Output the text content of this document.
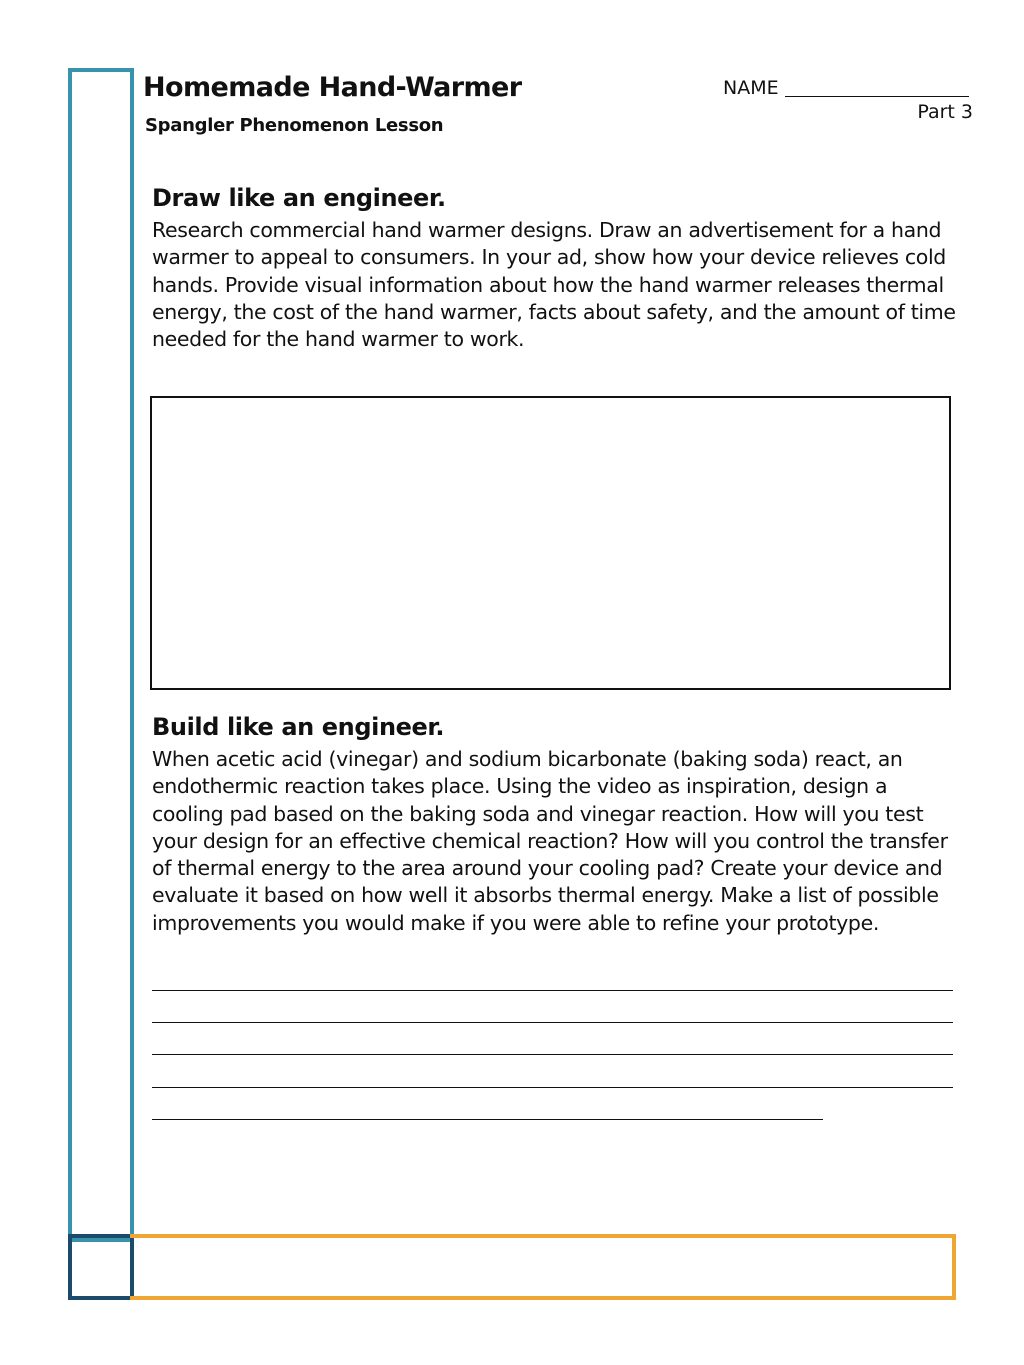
Homemade Hand-Warmer
Spangler Phenomenon Lesson
NAME
Part 3
Draw like an engineer.

Research commercial hand warmer designs. Draw an advertisement for a hand warmer to appeal to consumers. In your ad, show how your device relieves cold hands. Provide visual information about how the hand warmer releases thermal energy, the cost of the hand warmer, facts about safety, and the amount of time needed for the hand warmer to work.

Build like an engineer.

When acetic acid (vinegar) and sodium bicarbonate (baking soda) react, an endothermic reaction takes place. Using the video as inspiration, design a cooling pad based on the baking soda and vinegar reaction. How will you test your design for an effective chemical reaction? How will you control the transfer of thermal energy to the area around your cooling pad? Create your device and evaluate it based on how well it absorbs thermal energy. Make a list of possible improvements you would make if you were able to refine your prototype.
